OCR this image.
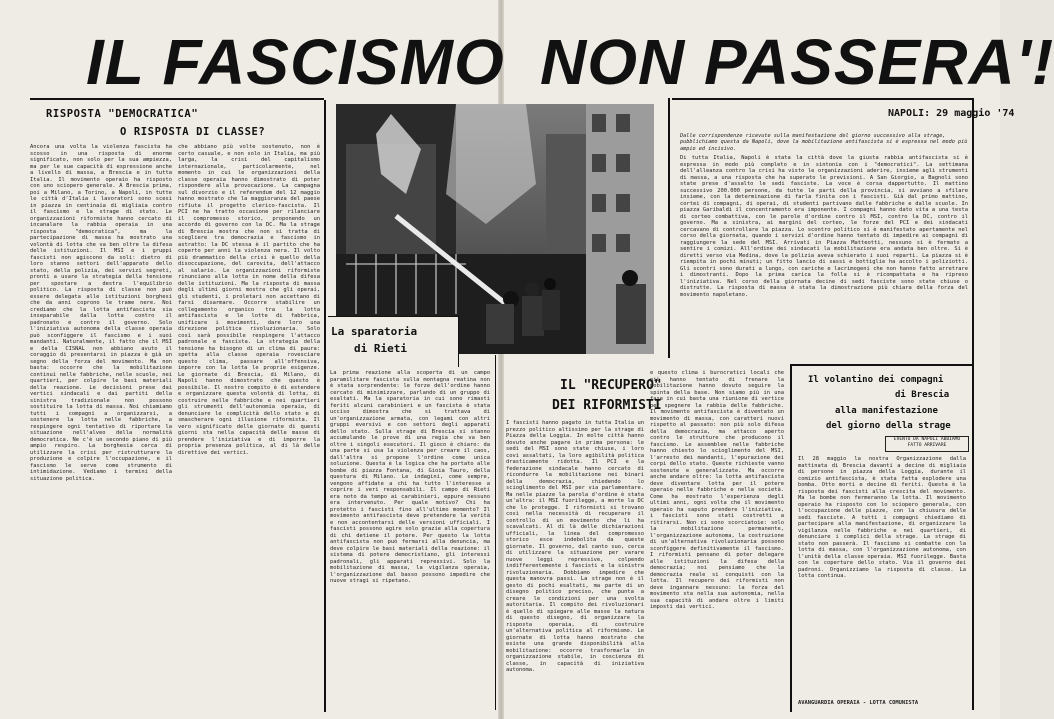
IL FASCISMO NON PASSERA'!
RISPOSTA "DEMOCRATICA"
O RISPOSTA DI CLASSE?
Ancora una volta la violenza fascista ha scosso in una risposta di enorme significato, non solo per la sua ampiezza, ma per le sue capacità di espressione anche a livello di massa, a Brescia e in tutta Italia. Il movimento operaio ha risposto con uno sciopero generale. A Brescia prima, poi a Milano, a Torino, a Napoli, in tutte le città d'Italia i lavoratori sono scesi in piazza in centinaia di migliaia contro il fascismo e la strage di stato. Le organizzazioni riformiste hanno cercato di incanalare la rabbia operaia in una risposta "democratica", ma la partecipazione di massa ha mostrato una volontà di lotta che va ben oltre la difesa delle istituzioni. Il MSI e i gruppi fascisti non agiscono da soli: dietro di loro stanno settori dell'apparato dello stato, della polizia, dei servizi segreti, pronti a usare la strategia della tensione per spostare a destra l'equilibrio politico. La risposta di classe non può essere delegata alle istituzioni borghesi che da anni coprono le trame nere. Noi crediamo che la lotta antifascista sia inseparabile dalla lotta contro il padronato e contro il governo. Solo l'iniziativa autonoma della classe operaia può sconfiggere il fascismo e i suoi mandanti. Naturalmente, il fatto che il MSI e della CISNAL non abbiano avuto il coraggio di presentarsi in piazza è già un segno della forza del movimento. Ma non basta: occorre che la mobilitazione continui nelle fabbriche, nelle scuole, nei quartieri, per colpire le basi materiali della reazione. Le decisioni prese dai vertici sindacali e dai partiti della sinistra tradizionale non possono sostituire la lotta di massa. Noi chiamiamo tutti i compagni a organizzarsi, a sostenere la lotta nelle fabbriche, a respingere ogni tentativo di riportare la situazione nell'alveo della normalità democratica. Ne c'è un secondo piano di più ampio respiro. La borghesia cerca di utilizzare la crisi per ristrutturare la produzione e colpire l'occupazione, e il fascismo le serve come strumento di intimidazione. Vediamo i termini della situazione politica.
che abbiano più volte sostenuto, non è certo casuale, e non solo in Italia, ma più larga, la crisi del capitalismo internazionale, particolarmente, nel momento in cui le organizzazioni della classe operaia hanno dimostrato di poter rispondere alla provocazione. La campagna sul divorzio e il referendum del 12 maggio hanno mostrato che la maggioranza del paese rifiuta il progetto clerico-fascista. Il PCI ne ha tratto occasione per rilanciare il compromesso storico, proponendo un accordo di governo con la DC. Ma la strage di Brescia mostra che non si tratta di scegliere tra democrazia e fascismo in astratto: la DC stessa è il partito che ha coperto per anni la violenza nera. Il volto più drammatico della crisi è quello della disoccupazione, del carovita, dell'attacco al salario. Le organizzazioni riformiste rinunciano alla lotta in nome della difesa delle istituzioni. Ma la risposta di massa degli ultimi giorni mostra che gli operai, gli studenti, i proletari non accettano di farsi disarmare. Occorre stabilire un collegamento organico tra la lotta antifascista e le lotte di fabbrica, unificare i movimenti, dare loro una direzione politica rivoluzionaria. Solo così sarà possibile respingere l'attacco padronale e fascista. La strategia della tensione ha bisogno di un clima di paura: spetta alla classe operaia rovesciare questo clima, passare all'offensiva, imporre con la lotta le proprie esigenze. Le giornate di Brescia, di Milano, di Napoli hanno dimostrato che questo è possibile. Il nostro compito è di estendere e organizzare questa volontà di lotta, di costruire nelle fabbriche e nei quartieri gli strumenti dell'autonomia operaia, di denunciare le complicità dello stato e di smascherare ogni illusione riformista. Il vero significato delle giornate di questi giorni sta nella capacità delle masse di prendere l'iniziativa e di imporre la propria presenza politica, al di là delle direttive dei vertici.
La sparatoria
di Rieti
La prima reazione alla scoperta di un campo paramilitare fascista sulla montagna reatina non è stata sorprendente: le forze dell'ordine hanno cercato di minimizzare, parlando di un gruppo di esaltati. Ma la sparatoria in cui sono rimasti feriti alcuni carabinieri e un fascista è stata ucciso dimostra che si trattava di un'organizzazione armata, con legami con altri gruppi eversivi e con settori degli apparati dello stato. Sulla strage di Brescia si stanno accumulando le prove di una regia che va ben oltre i singoli esecutori. Il gioco è chiaro: da una parte si usa la violenza per creare il caos, dall'altra si propone l'ordine come unica soluzione. Questa è la logica che ha portato alle bombe di piazza Fontana, di Gioia Tauro, della questura di Milano. Le indagini, come sempre, vengono affidate a chi ha tutto l'interesse a coprire i veri responsabili. Il campo di Rieti era noto da tempo ai carabinieri, eppure nessuno era intervenuto. Per quale motivo? Chi ha protetto i fascisti fino all'ultimo momento? Il movimento antifascista deve pretendere la verità e non accontentarsi delle versioni ufficiali. I fascisti possono agire solo grazie alla copertura di chi detiene il potere. Per questo la lotta antifascista non può fermarsi alla denuncia, ma deve colpire le basi materiali della reazione: il sistema di potere democristiano, gli interessi padronali, gli apparati repressivi. Solo la mobilitazione di massa, la vigilanza operaia, l'organizzazione dal basso possono impedire che nuove stragi si ripetano.
IL "RECUPERO"
DEI RIFORMISTI
I fascisti hanno pagato in tutta Italia un prezzo politico altissimo per la strage di Piazza della Loggia. In molte città hanno dovuto anche pagare in prima persona: le sedi del MSI sono state chiuse, i loro covi assaltati, la loro agibilità politica drasticamente ridotta. Il PCI e la federazione sindacale hanno cercato di ricondurre la mobilitazione nei binari della democrazia, chiedendo lo scioglimento del MSI per via parlamentare. Ma nelle piazze la parola d'ordine è stata un'altra: il MSI fuorilegge, a morte la DC che lo protegge. I riformisti si trovano così nella necessità di recuperare il controllo di un movimento che li ha scavalcati. Al di là delle dichiarazioni ufficiali, la linea del compromesso storico esce indebolita da queste giornate. Il governo, dal canto suo, cerca di utilizzare la situazione per varare nuove leggi repressive, colpendo indifferentemente i fascisti e la sinistra rivoluzionaria. Dobbiamo impedire che questa manovra passi. La strage non è il gesto di pochi esaltati, ma parte di un disegno politico preciso, che punta a creare le condizioni per una svolta autoritaria. Il compito dei rivoluzionari è quello di spiegare alle masse la natura di questo disegno, di organizzare la risposta operaia, di costruire un'alternativa politica al riformismo. Le giornate di lotta hanno mostrato che esiste una grande disponibilità alla mobilitazione: occorre trasformarla in organizzazione stabile, in coscienza di classe, in capacità di iniziativa autonoma.
e questo clima i burocratici locali che più hanno tentato di frenare la mobilitazione hanno dovuto seguire la spinta della base. Non siamo più in una fase in cui basta una riunione di vertice per spegnere la rabbia delle fabbriche. Il movimento antifascista è diventato un movimento di massa, con caratteri nuovi rispetto al passato: non più solo difesa della democrazia, ma attacco aperto contro le strutture che producono il fascismo. Le assemblee nelle fabbriche hanno chiesto lo scioglimento del MSI, l'arresto dei mandanti, l'epurazione dei corpi dello stato. Queste richieste vanno sostenute e generalizzate. Ma occorre anche andare oltre: la lotta antifascista deve diventare lotta per il potere operaio nelle fabbriche e nella società. Come ha mostrato l'esperienza degli ultimi anni, ogni volta che il movimento operaio ha saputo prendere l'iniziativa, i fascisti sono stati costretti a ritirarsi. Non ci sono scorciatoie: solo la mobilitazione permanente, l'organizzazione autonoma, la costruzione di un'alternativa rivoluzionaria possono sconfiggere definitivamente il fascismo. I riformisti pensano di poter delegare alle istituzioni la difesa della democrazia; noi pensiamo che la democrazia reale si conquisti con la lotta. Il recupero dei riformisti non deve ingannare nessuno: la forza del movimento sta nella sua autonomia, nella sua capacità di andare oltre i limiti imposti dai vertici.
NAPOLI: 29 maggio '74
Dalle corrispondenze ricevute sulla manifestazione del giorno successivo alla strage, pubblichiamo questa da Napoli, dove la mobilitazione antifascista si è espressa nel modo più ampio ed incisivo.
Di tutta Italia, Napoli è stata la città dove la giusta rabbia antifascista si è espressa in modo più completo e in sintonia con i "democratici". La settimana dell'alleanza contro la crisi ha visto le organizzazioni aderire, insieme agli strumenti di massa, a una risposta che ha superato le previsioni. A San Giorgio, a Bagnoli sono state prese d'assalto le sedi fasciste. La voce è corsa dappertutto. Il mattino successivo 200.000 persone, da tutte le parti della provincia, si avviano a sfilare insieme, con la determinazione di farla finita con i fascisti. Già dal primo mattino, cortei di compagni, di operai, di studenti partivano dalle fabbriche e dalle scuole. In piazza Garibaldi il concentramento era imponente. I compagni hanno dato vita a una testa di corteo combattiva, con le parole d'ordine contro il MSI, contro la DC, contro il governo. Ma a sinistra, ai margini del corteo, le forze del PCI e dei sindacati cercavano di controllare la piazza. Lo scontro politico si è manifestato apertamente nel corso della giornata, quando i servizi d'ordine hanno tentato di impedire ai compagni di raggiungere la sede del MSI. Arrivati in Piazza Matteotti, nessuno si è fermato a sentire i comizi. All'ordine dei sindacati la mobilitazione era andata ben oltre. Si è diretti verso via Medina, dove la polizia aveva schierato i suoi reparti. La piazza si è riempita in pochi minuti; un fitto lancio di sassi e bottiglie ha accolto i poliziotti. Gli scontri sono durati a lungo, con cariche e lacrimogeni che non hanno fatto arretrare i dimostranti. Dopo la prima carica la folla si è ricompattata e ha ripreso l'iniziativa. Nel corso della giornata decine di sedi fasciste sono state chiuse o distrutte. La risposta di massa è stata la dimostrazione più chiara della forza del movimento napoletano.
Il volantino dei compagni
di Brescia
alla manifestazione
del giorno della strage
EVENTO DA NAPOLI ABBIAMO FATTO ARRIVARE
Il 28 maggio la nostra Organizzazione dalla mattinata di Brescia davanti a decine di migliaia di persone in piazza della Loggia, durante il comizio antifascista, è stata fatta esplodere una bomba. Otto morti e decine di feriti. Questa è la risposta dei fascisti alla crescita del movimento. Ma le bombe non fermeranno la lotta. Il movimento operaio ha risposto con lo sciopero generale, con l'occupazione delle piazze, con la chiusura delle sedi fasciste. A tutti i compagni chiediamo di partecipare alla manifestazione, di organizzare la vigilanza nelle fabbriche e nei quartieri, di denunciare i complici della strage. La strage di stato non passerà. Il fascismo si combatte con la lotta di massa, con l'organizzazione autonoma, con l'unità della classe operaia. MSI fuorilegge. Basta con le coperture dello stato. Via il governo dei padroni. Organizziamo la risposta di classe. La lotta continua.
AVANGUARDIA OPERAIA - LOTTA COMUNISTA
